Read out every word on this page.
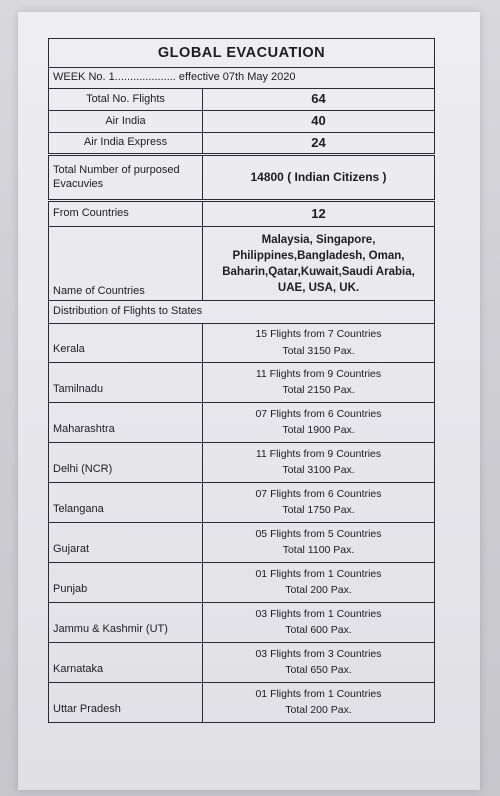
GLOBAL EVACUATION	
WEEK No. 1.................... effective 07th May 2020	
Total No. Flights	64
Air India	40
Air India Express	24
Total Number of purposed Evacuvies	14800 ( Indian Citizens )
From Countries	12
Name of Countries	Malaysia, Singapore, Philippines,Bangladesh, Oman, Baharin,Qatar,Kuwait,Saudi Arabia, UAE, USA, UK.
Distribution of Flights to States	
Kerala	15 Flights from 7 Countries
Total 3150 Pax.
Tamilnadu	11 Flights from 9 Countries
Total 2150 Pax.
Maharashtra	07 Flights from 6 Countries
Total 1900 Pax.
Delhi (NCR)	11 Flights from 9 Countries
Total 3100 Pax.
Telangana	07 Flights from 6 Countries
Total 1750 Pax.
Gujarat	05 Flights from 5 Countries
Total 1100 Pax.
Punjab	01 Flights from 1 Countries
Total 200 Pax.
Jammu & Kashmir (UT)	03 Flights from 1 Countries
Total 600 Pax.
Karnataka	03 Flights from 3 Countries
Total 650 Pax.
Uttar Pradesh	01 Flights from 1 Countries
Total 200 Pax.
